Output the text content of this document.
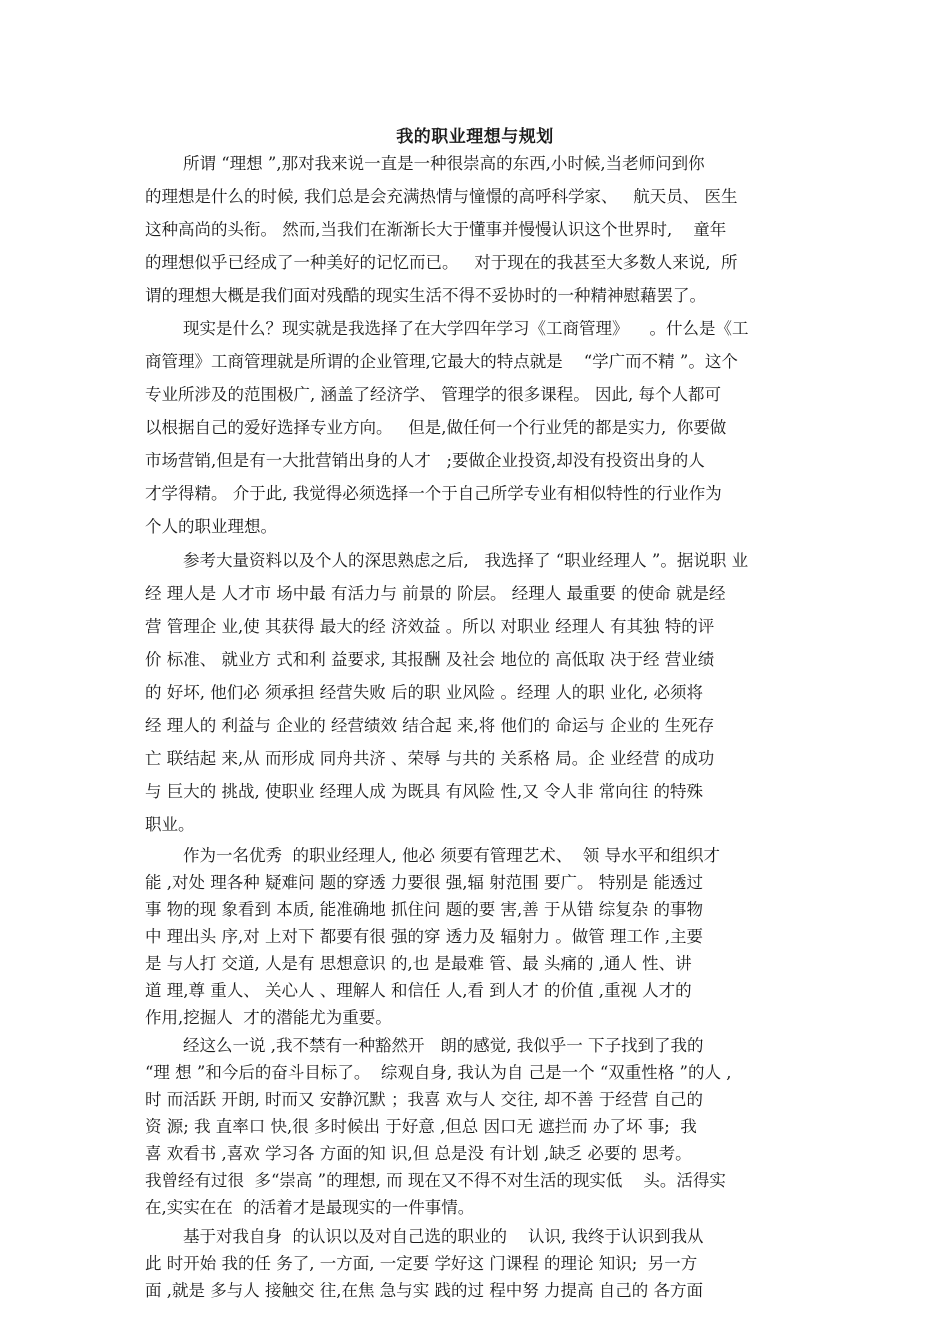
我的职业理想与规划
所谓 “理想 ”,那对我来说一直是一种很崇高的东西,小时候,当老师问到你
的理想是什么的时候, 我们总是会充满热情与憧憬的高呼科学家、   航天员、 医生
这种高尚的头衔。 然而,当我们在渐渐长大于懂事并慢慢认识这个世界时,    童年
的理想似乎已经成了一种美好的记忆而已。   对于现在的我甚至大多数人来说,  所
谓的理想大概是我们面对残酷的现实生活不得不妥协时的一种精神慰藉罢了。
现实是什么？现实就是我选择了在大学四年学习《工商管理》    。什么是《工
商管理》工商管理就是所谓的企业管理,它最大的特点就是    “学广而不精 ”。这个
专业所涉及的范围极广, 涵盖了经济学、 管理学的很多课程。 因此, 每个人都可
以根据自己的爱好选择专业方向。   但是,做任何一个行业凭的都是实力,  你要做
市场营销,但是有一大批营销出身的人才   ;要做企业投资,却没有投资出身的人
才学得精。 介于此, 我觉得必须选择一个于自己所学专业有相似特性的行业作为
个人的职业理想。
参考大量资料以及个人的深思熟虑之后,   我选择了 “职业经理人 ”。据说职 业
经 理人是 人才市 场中最 有活力与 前景的 阶层。 经理人 最重要 的使命 就是经
营 管理企 业,使 其获得 最大的经 济效益 。所以 对职业 经理人 有其独 特的评
价 标准、 就业方 式和利 益要求, 其报酬 及社会 地位的 高低取 决于经 营业绩
的 好坏, 他们必 须承担 经营失败 后的职 业风险 。经理 人的职 业化, 必须将
经 理人的 利益与 企业的 经营绩效 结合起 来,将 他们的 命运与 企业的 生死存
亡 联结起 来,从 而形成 同舟共济 、荣辱 与共的 关系格 局。企 业经营 的成功
与 巨大的 挑战, 使职业 经理人成 为既具 有风险 性,又 令人非 常向往 的特殊
职业。
作为一名优秀  的职业经理人, 他必 须要有管理艺术、  领 导水平和组织才
能 ,对处 理各种 疑难问 题的穿透 力要很 强,辐 射范围 要广。 特别是 能透过
事 物的现 象看到 本质, 能准确地 抓住问 题的要 害,善 于从错 综复杂 的事物
中 理出头 序,对 上对下 都要有很 强的穿 透力及 辐射力 。做管 理工作 ,主要
是 与人打 交道, 人是有 思想意识 的,也 是最难 管、最 头痛的 ,通人 性、讲
道 理,尊 重人、 关心人 、理解人 和信任 人,看 到人才 的价值 ,重视 人才的
作用,挖掘人  才的潜能尤为重要。
经这么一说 ,我不禁有一种豁然开   朗的感觉, 我似乎一 下子找到了我的
“理 想 ”和今后的奋斗目标了。  综观自身, 我认为自 己是一个 “双重性格 ”的人 ,
时 而活跃 开朗, 时而又 安静沉默 ；我喜 欢与人 交往, 却不善 于经营 自己的
资 源; 我 直率口 快,很 多时候出 于好意 ,但总 因口无 遮拦而 办了坏 事;  我
喜 欢看书 ,喜欢 学习各 方面的知 识,但 总是没 有计划 ,缺乏 必要的 思考。
我曾经有过很  多“崇高 ”的理想, 而 现在又不得不对生活的现实低    头。活得实
在,实实在在  的活着才是最现实的一件事情。
基于对我自身  的认识以及对自己选的职业的    认识, 我终于认识到我从
此 时开始 我的任 务了, 一方面, 一定要 学好这 门课程 的理论 知识;  另一方
面 ,就是 多与人 接触交 往,在焦 急与实 践的过 程中努 力提高 自己的 各方面
